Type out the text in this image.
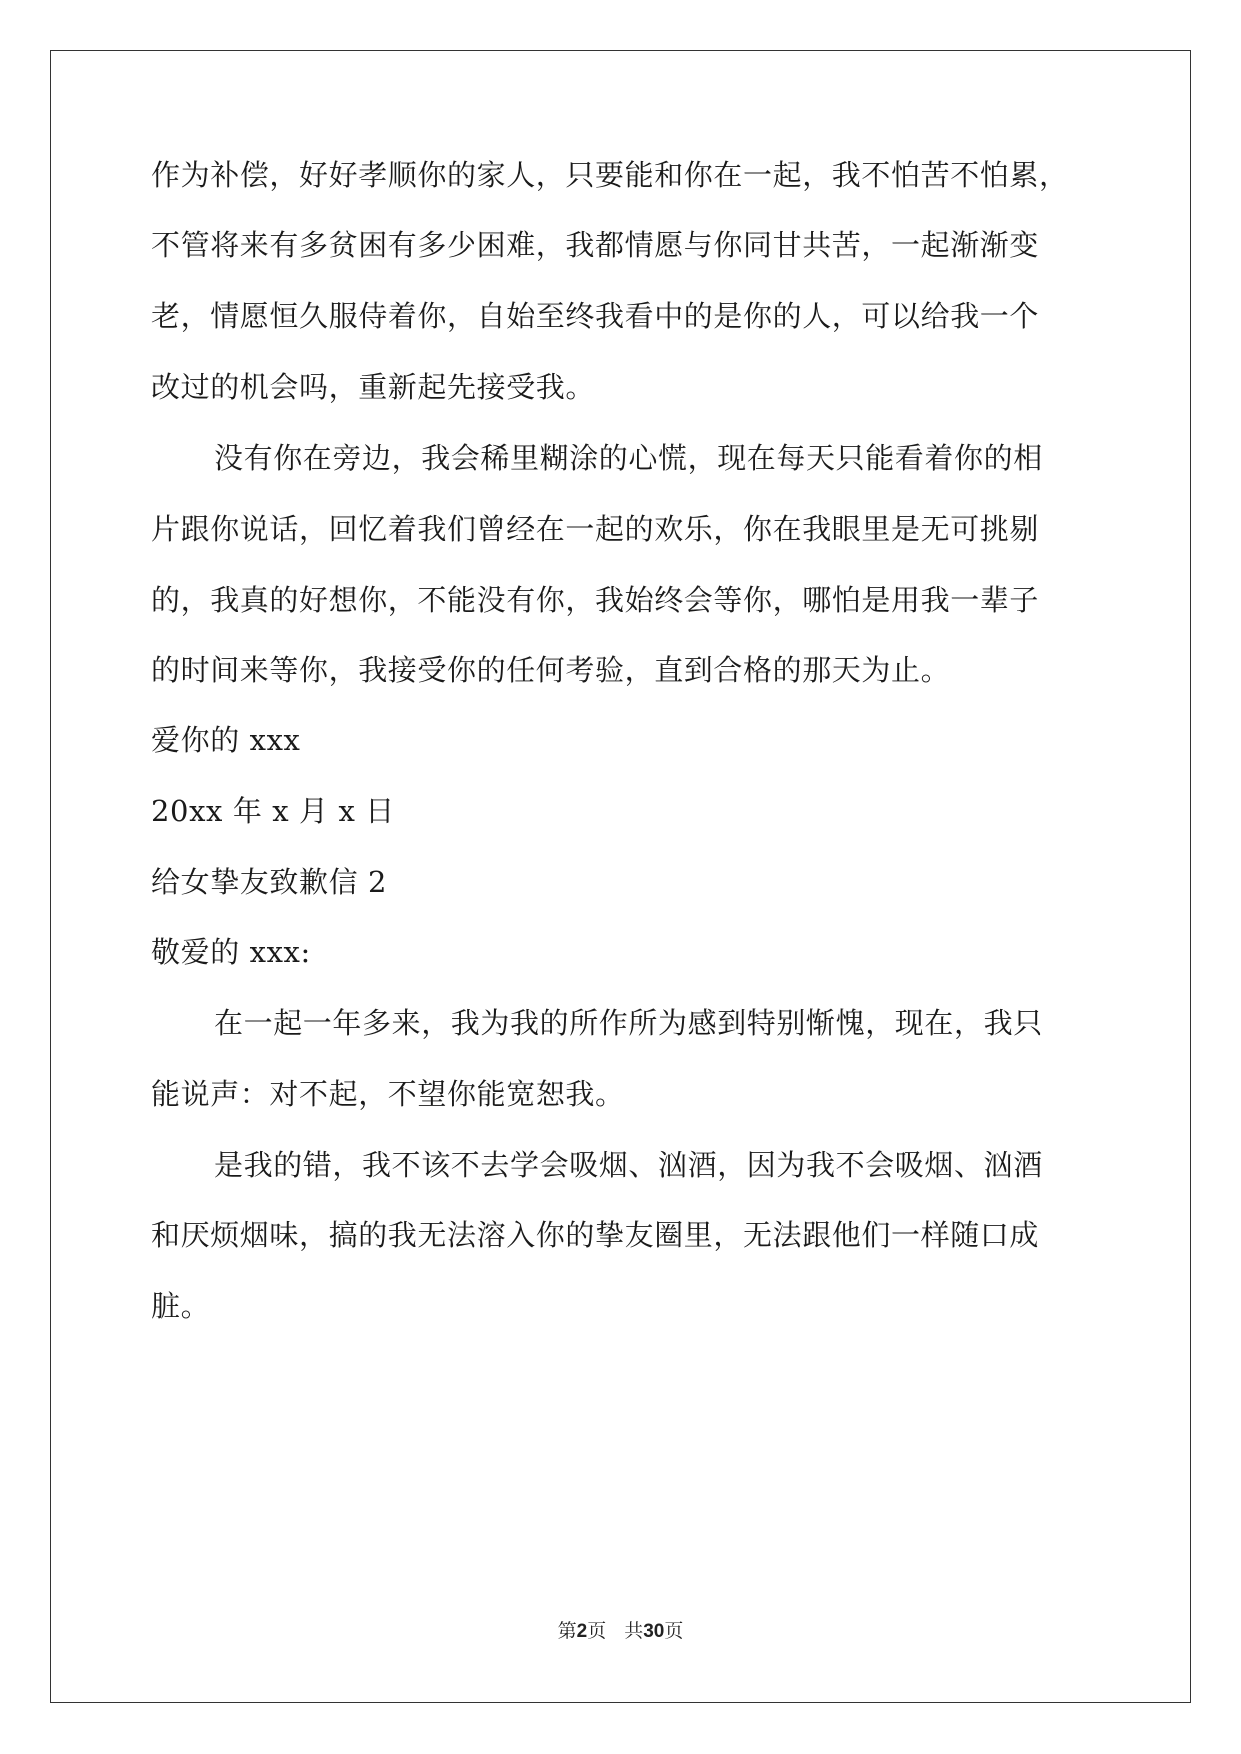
作为补偿，好好孝顺你的家人，只要能和你在一起，我不怕苦不怕累，
不管将来有多贫困有多少困难，我都情愿与你同甘共苦，一起渐渐变
老，情愿恒久服侍着你，自始至终我看中的是你的人，可以给我一个
改过的机会吗，重新起先接受我。
没有你在旁边，我会稀里糊涂的心慌，现在每天只能看着你的相
片跟你说话，回忆着我们曾经在一起的欢乐，你在我眼里是无可挑剔
的，我真的好想你，不能没有你，我始终会等你，哪怕是用我一辈子
的时间来等你，我接受你的任何考验，直到合格的那天为止。
爱你的 xxx
20xx 年 x 月 x 日
给女挚友致歉信 2
敬爱的 xxx:
在一起一年多来，我为我的所作所为感到特别惭愧，现在，我只
能说声：对不起，不望你能宽恕我。
是我的错，我不该不去学会吸烟、汹酒，因为我不会吸烟、汹酒
和厌烦烟味，搞的我无法溶入你的挚友圈里，无法跟他们一样随口成
脏。
第2页 共30页
